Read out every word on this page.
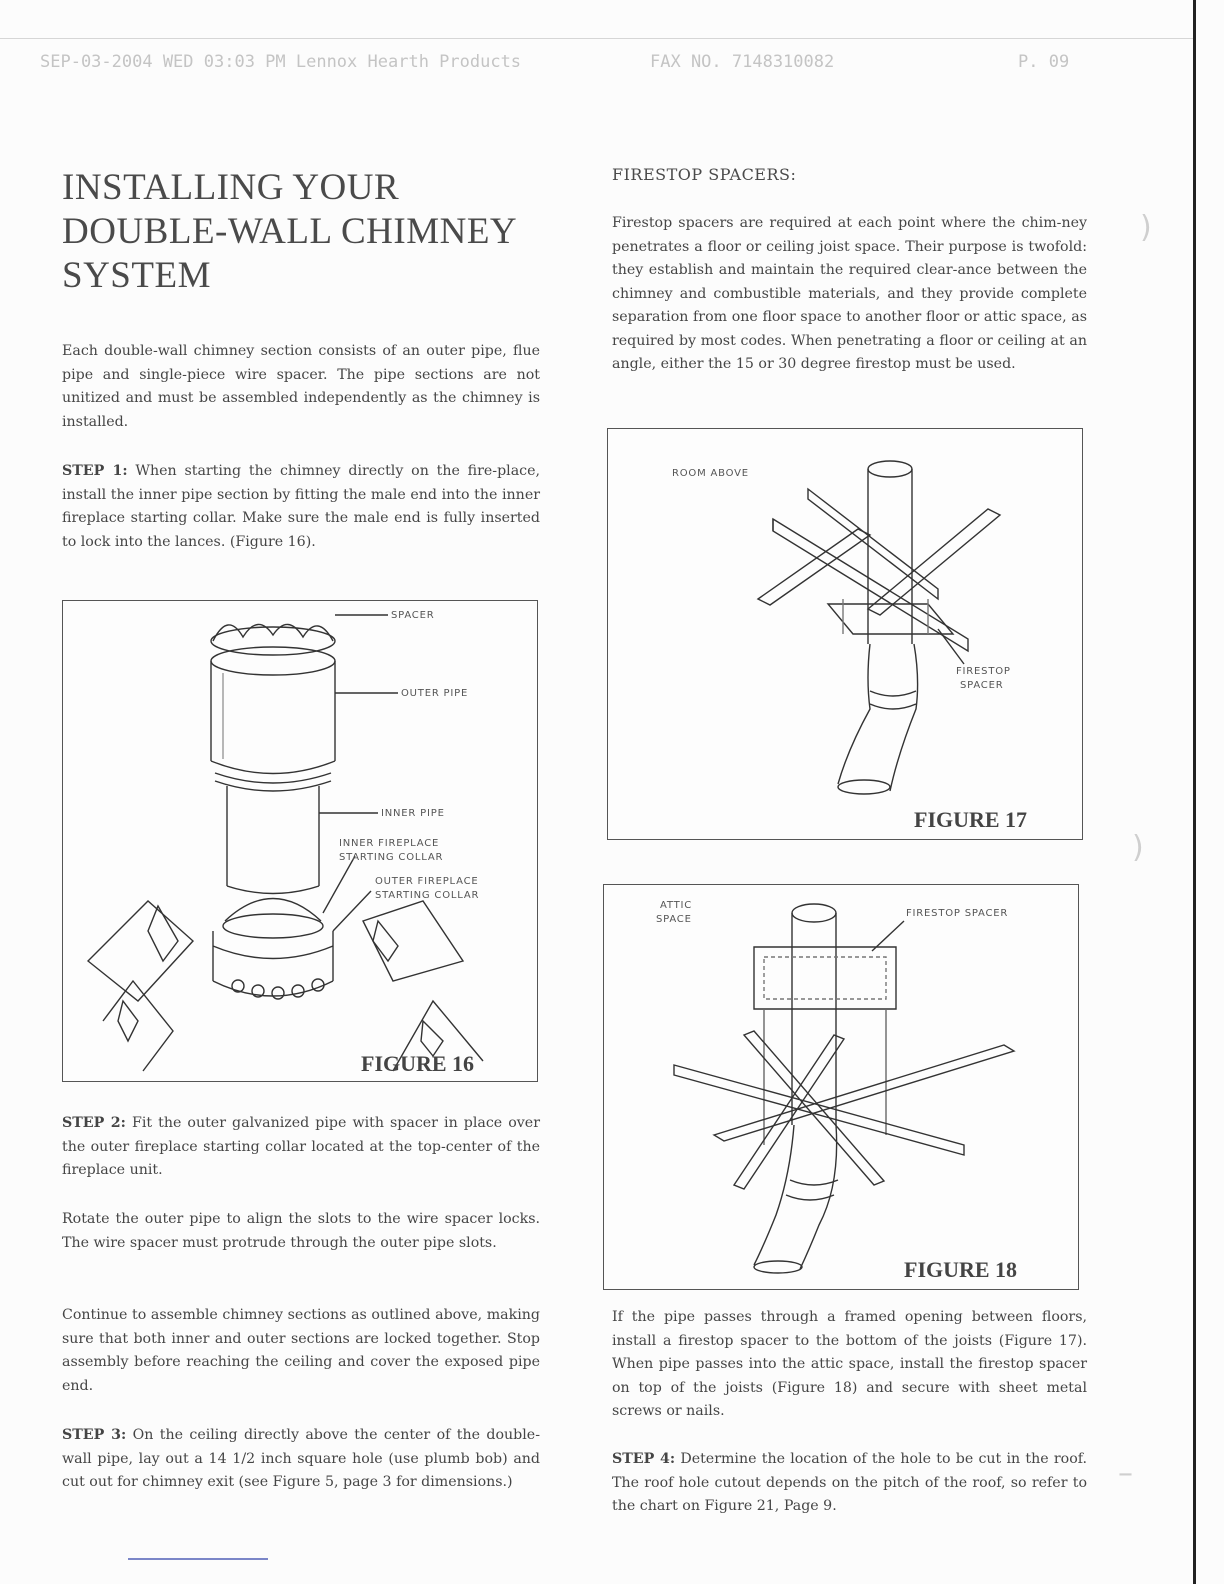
SEP-03-2004 WED 03:03 PM Lennox Hearth Products	FAX NO. 7148310082	P. 09
INSTALLING YOUR
DOUBLE-WALL CHIMNEY
SYSTEM

Each double-wall chimney section consists of an outer pipe, flue pipe and single-piece wire spacer. The pipe sections are not unitized and must be assembled independently as the chimney is installed.

STEP 1: When starting the chimney directly on the fire-place, install the inner pipe section by fitting the male end into the inner fireplace starting collar. Make sure the male end is fully inserted to lock into the lances. (Figure 16).

SPACER
OUTER PIPE
INNER PIPE
INNER FIREPLACE
STARTING COLLAR
OUTER FIREPLACE
STARTING COLLAR
FIGURE 16

STEP 2: Fit the outer galvanized pipe with spacer in place over the outer fireplace starting collar located at the top-center of the fireplace unit.

Rotate the outer pipe to align the slots to the wire spacer locks. The wire spacer must protrude through the outer pipe slots.

Continue to assemble chimney sections as outlined above, making sure that both inner and outer sections are locked together. Stop assembly before reaching the ceiling and cover the exposed pipe end.

STEP 3: On the ceiling directly above the center of the double-wall pipe, lay out a 14 1/2 inch square hole (use plumb bob) and cut out for chimney exit (see Figure 5, page 3 for dimensions.)

FIRESTOP SPACERS:

Firestop spacers are required at each point where the chim-ney penetrates a floor or ceiling joist space. Their purpose is twofold: they establish and maintain the required clear-ance between the chimney and combustible materials, and they provide complete separation from one floor space to another floor or attic space, as required by most codes. When penetrating a floor or ceiling at an angle, either the 15 or 30 degree firestop must be used.

ROOM ABOVE
FIRESTOP
SPACER
FIGURE 17
ATTIC
SPACE
FIRESTOP SPACER
FIGURE 18

If the pipe passes through a framed opening between floors, install a firestop spacer to the bottom of the joists (Figure 17). When pipe passes into the attic space, install the firestop spacer on top of the joists (Figure 18) and secure with sheet metal screws or nails.

STEP 4: Determine the location of the hole to be cut in the roof. The roof hole cutout depends on the pitch of the roof, so refer to the chart on Figure 21, Page 9.

)
)
–
